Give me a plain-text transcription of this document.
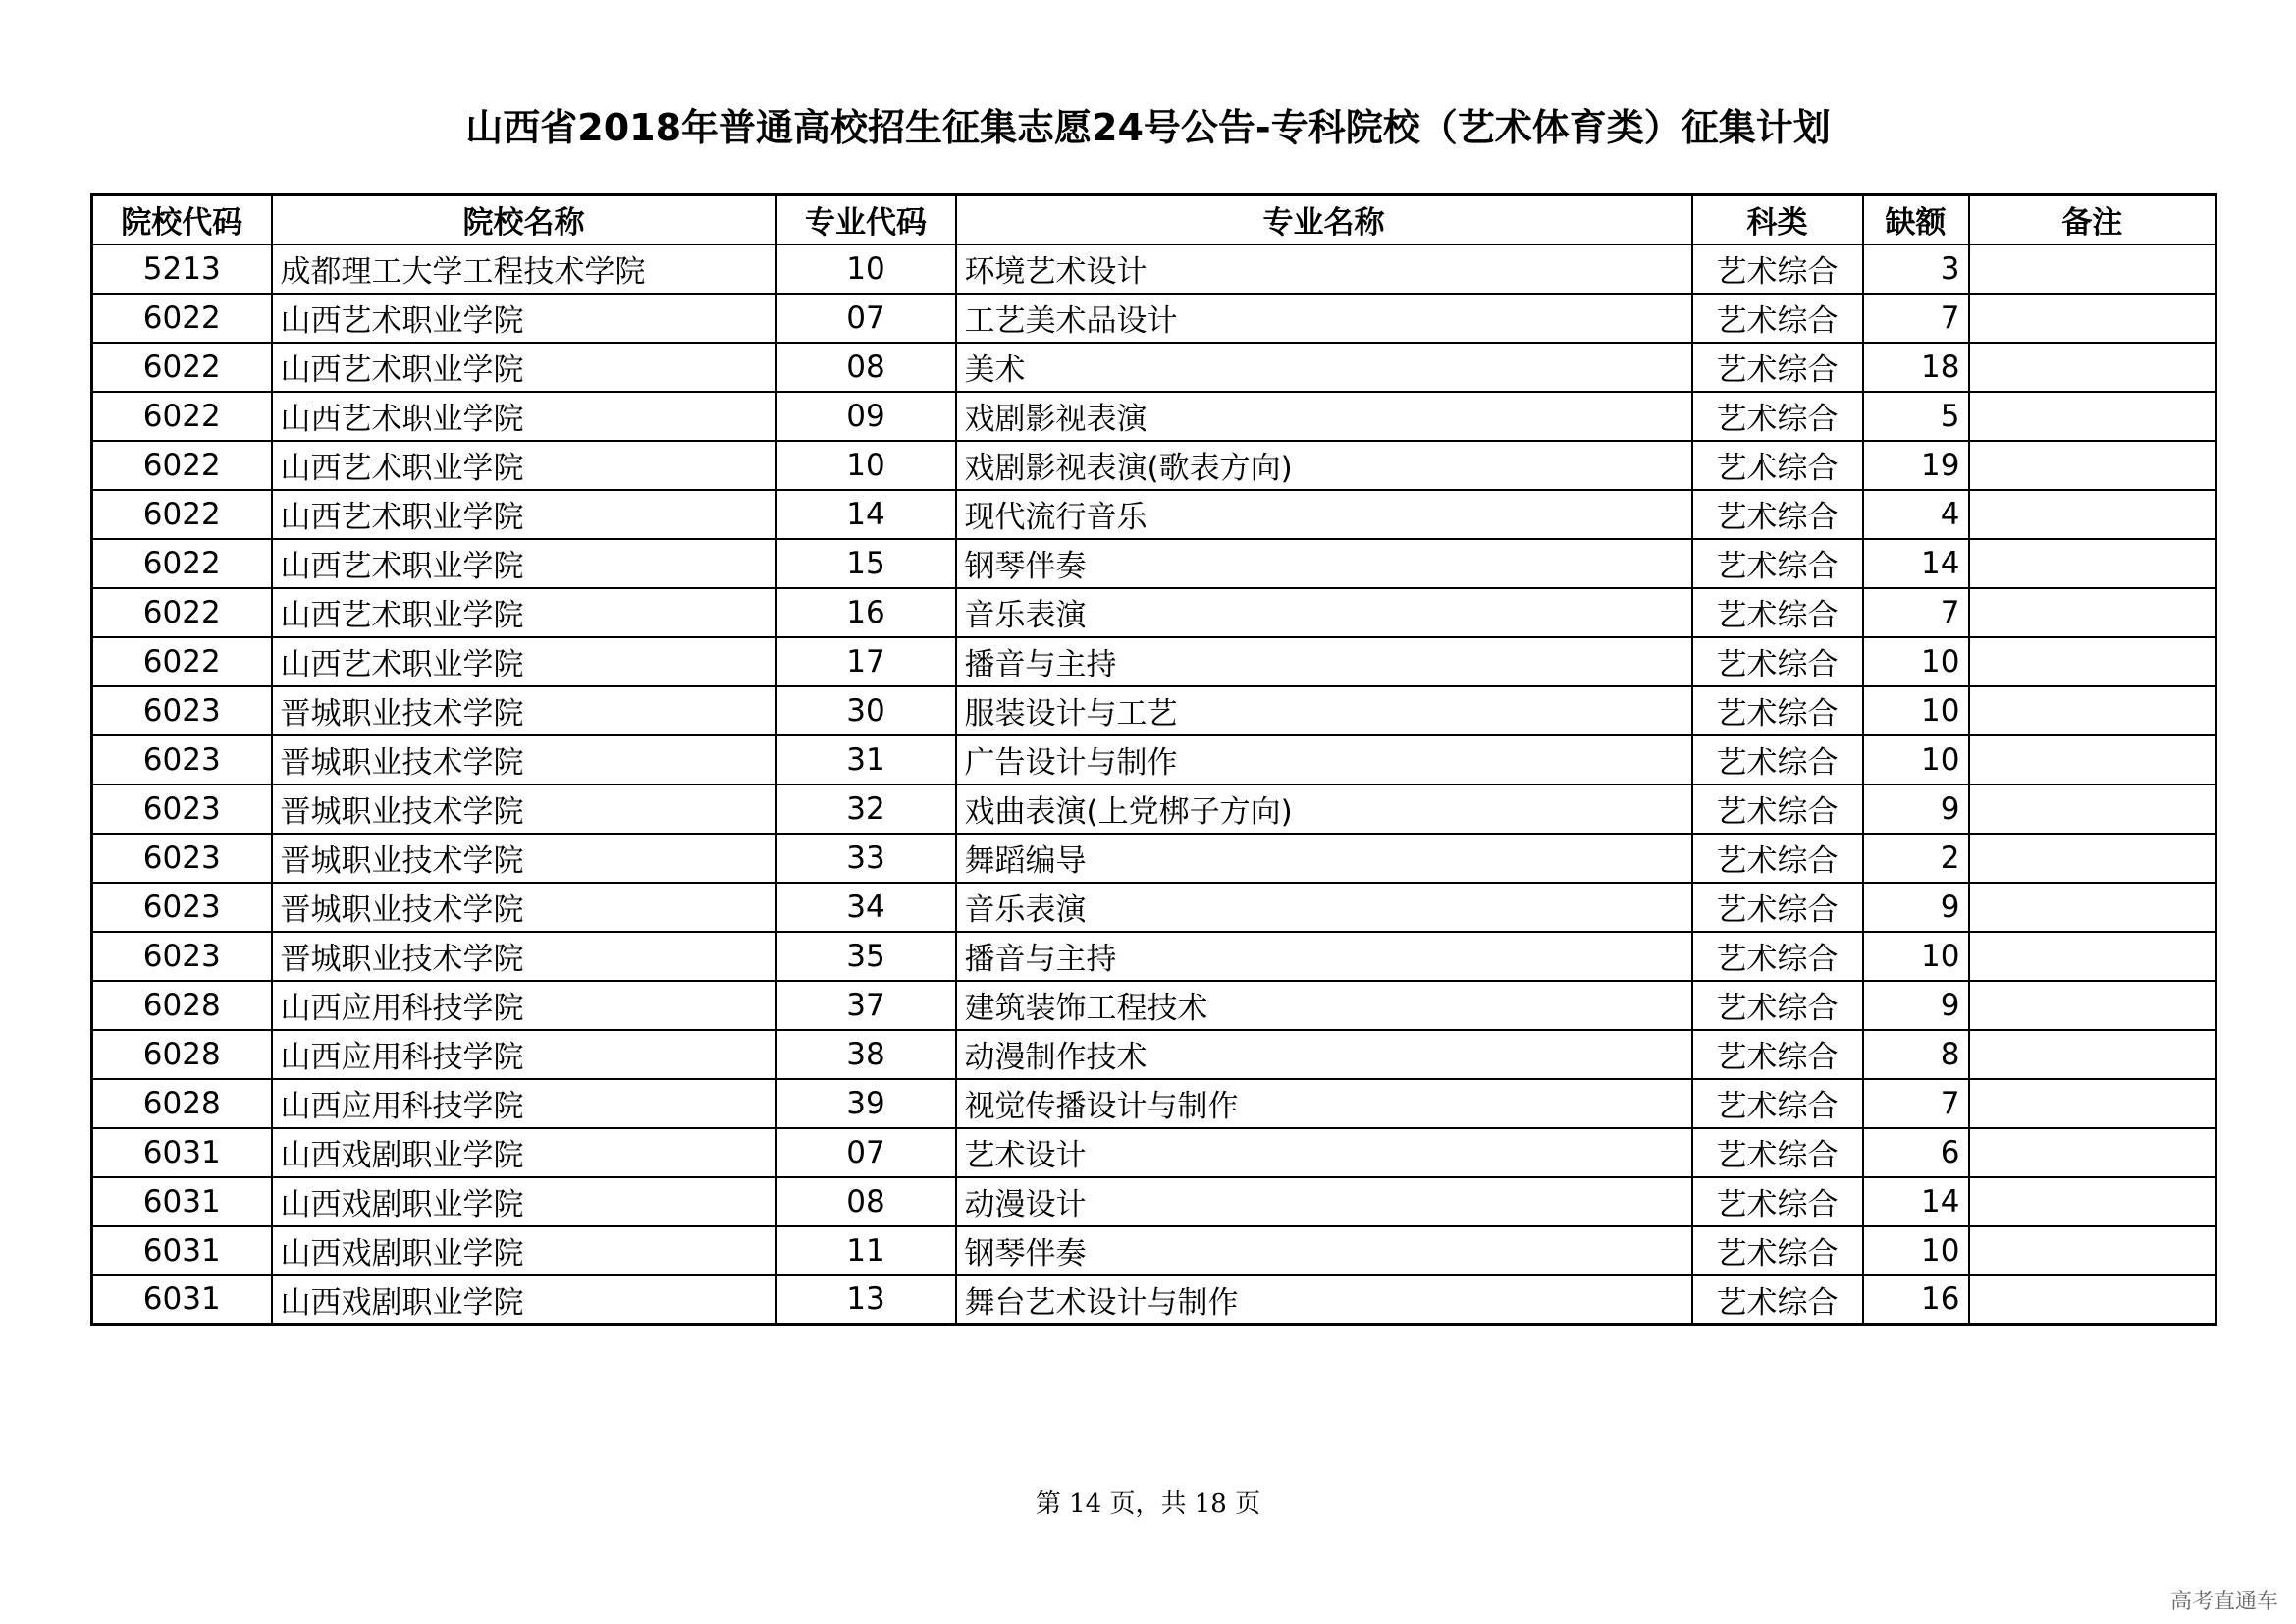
山西省2018年普通高校招生征集志愿24号公告-专科院校（艺术体育类）征集计划
院校代码	院校名称	专业代码	专业名称	科类	缺额	备注
5213	成都理工大学工程技术学院	10	环境艺术设计	艺术综合	3	
6022	山西艺术职业学院	07	工艺美术品设计	艺术综合	7	
6022	山西艺术职业学院	08	美术	艺术综合	18	
6022	山西艺术职业学院	09	戏剧影视表演	艺术综合	5	
6022	山西艺术职业学院	10	戏剧影视表演(歌表方向)	艺术综合	19	
6022	山西艺术职业学院	14	现代流行音乐	艺术综合	4	
6022	山西艺术职业学院	15	钢琴伴奏	艺术综合	14	
6022	山西艺术职业学院	16	音乐表演	艺术综合	7	
6022	山西艺术职业学院	17	播音与主持	艺术综合	10	
6023	晋城职业技术学院	30	服装设计与工艺	艺术综合	10	
6023	晋城职业技术学院	31	广告设计与制作	艺术综合	10	
6023	晋城职业技术学院	32	戏曲表演(上党梆子方向)	艺术综合	9	
6023	晋城职业技术学院	33	舞蹈编导	艺术综合	2	
6023	晋城职业技术学院	34	音乐表演	艺术综合	9	
6023	晋城职业技术学院	35	播音与主持	艺术综合	10	
6028	山西应用科技学院	37	建筑装饰工程技术	艺术综合	9	
6028	山西应用科技学院	38	动漫制作技术	艺术综合	8	
6028	山西应用科技学院	39	视觉传播设计与制作	艺术综合	7	
6031	山西戏剧职业学院	07	艺术设计	艺术综合	6	
6031	山西戏剧职业学院	08	动漫设计	艺术综合	14	
6031	山西戏剧职业学院	11	钢琴伴奏	艺术综合	10	
6031	山西戏剧职业学院	13	舞台艺术设计与制作	艺术综合	16	
第 14 页，共 18 页
高考直通车
